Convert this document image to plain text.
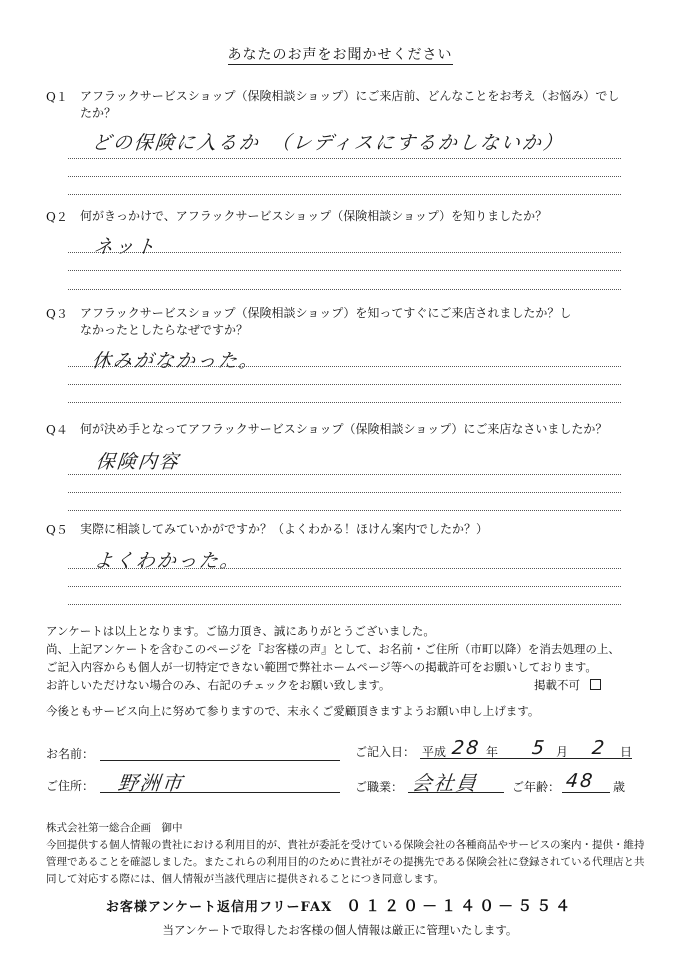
あなたのお声をお聞かせください
Q１ アフラックサービスショップ（保険相談ショップ）にご来店前、どんなことをお考え（お悩み）でしたか？
どの保険に入るか　（レディスにするかしないか）
Q２ 何がきっかけで、アフラックサービスショップ（保険相談ショップ）を知りましたか？
ネット
Q３ アフラックサービスショップ（保険相談ショップ）を知ってすぐにご来店されましたか？しなかったとしたらなぜですか？
休みがなかった。
Q４ 何が決め手となってアフラックサービスショップ（保険相談ショップ）にご来店なさいましたか？
保険内容
Q５ 実際に相談してみていかがですか？（よくわかる！ほけん案内でしたか？）
よくわかった。
アンケートは以上となります。ご協力頂き、誠にありがとうございました。
尚、上記アンケートを含むこのページを『お客様の声』として、お名前・ご住所（市町以降）を消去処理の上、
ご記入内容からも個人が一切特定できない範囲で弊社ホームページ等への掲載許可をお願いしております。
お許しいただけない場合のみ、右記のチェックをお願い致します。	掲載不可
今後ともサービス向上に努めて参りますので、末永くご愛顧頂きますようお願い申し上げます。
お名前：	ご記入日： 平成 28 年 5 月 2 日
ご住所： 野洲市	ご職業： 会社員	ご年齢： 48 歳
株式会社第一総合企画　御中
今回提供する個人情報の貴社における利用目的が、貴社が委託を受けている保険会社の各種商品やサービスの案内・提供・維持管理であることを確認しました。またこれらの利用目的のために貴社がその提携先である保険会社に登録されている代理店と共同して対応する際には、個人情報が当該代理店に提供されることにつき同意します。
お客様アンケート返信用フリーFAX ０１２０－１４０－５５４
当アンケートで取得したお客様の個人情報は厳正に管理いたします。
